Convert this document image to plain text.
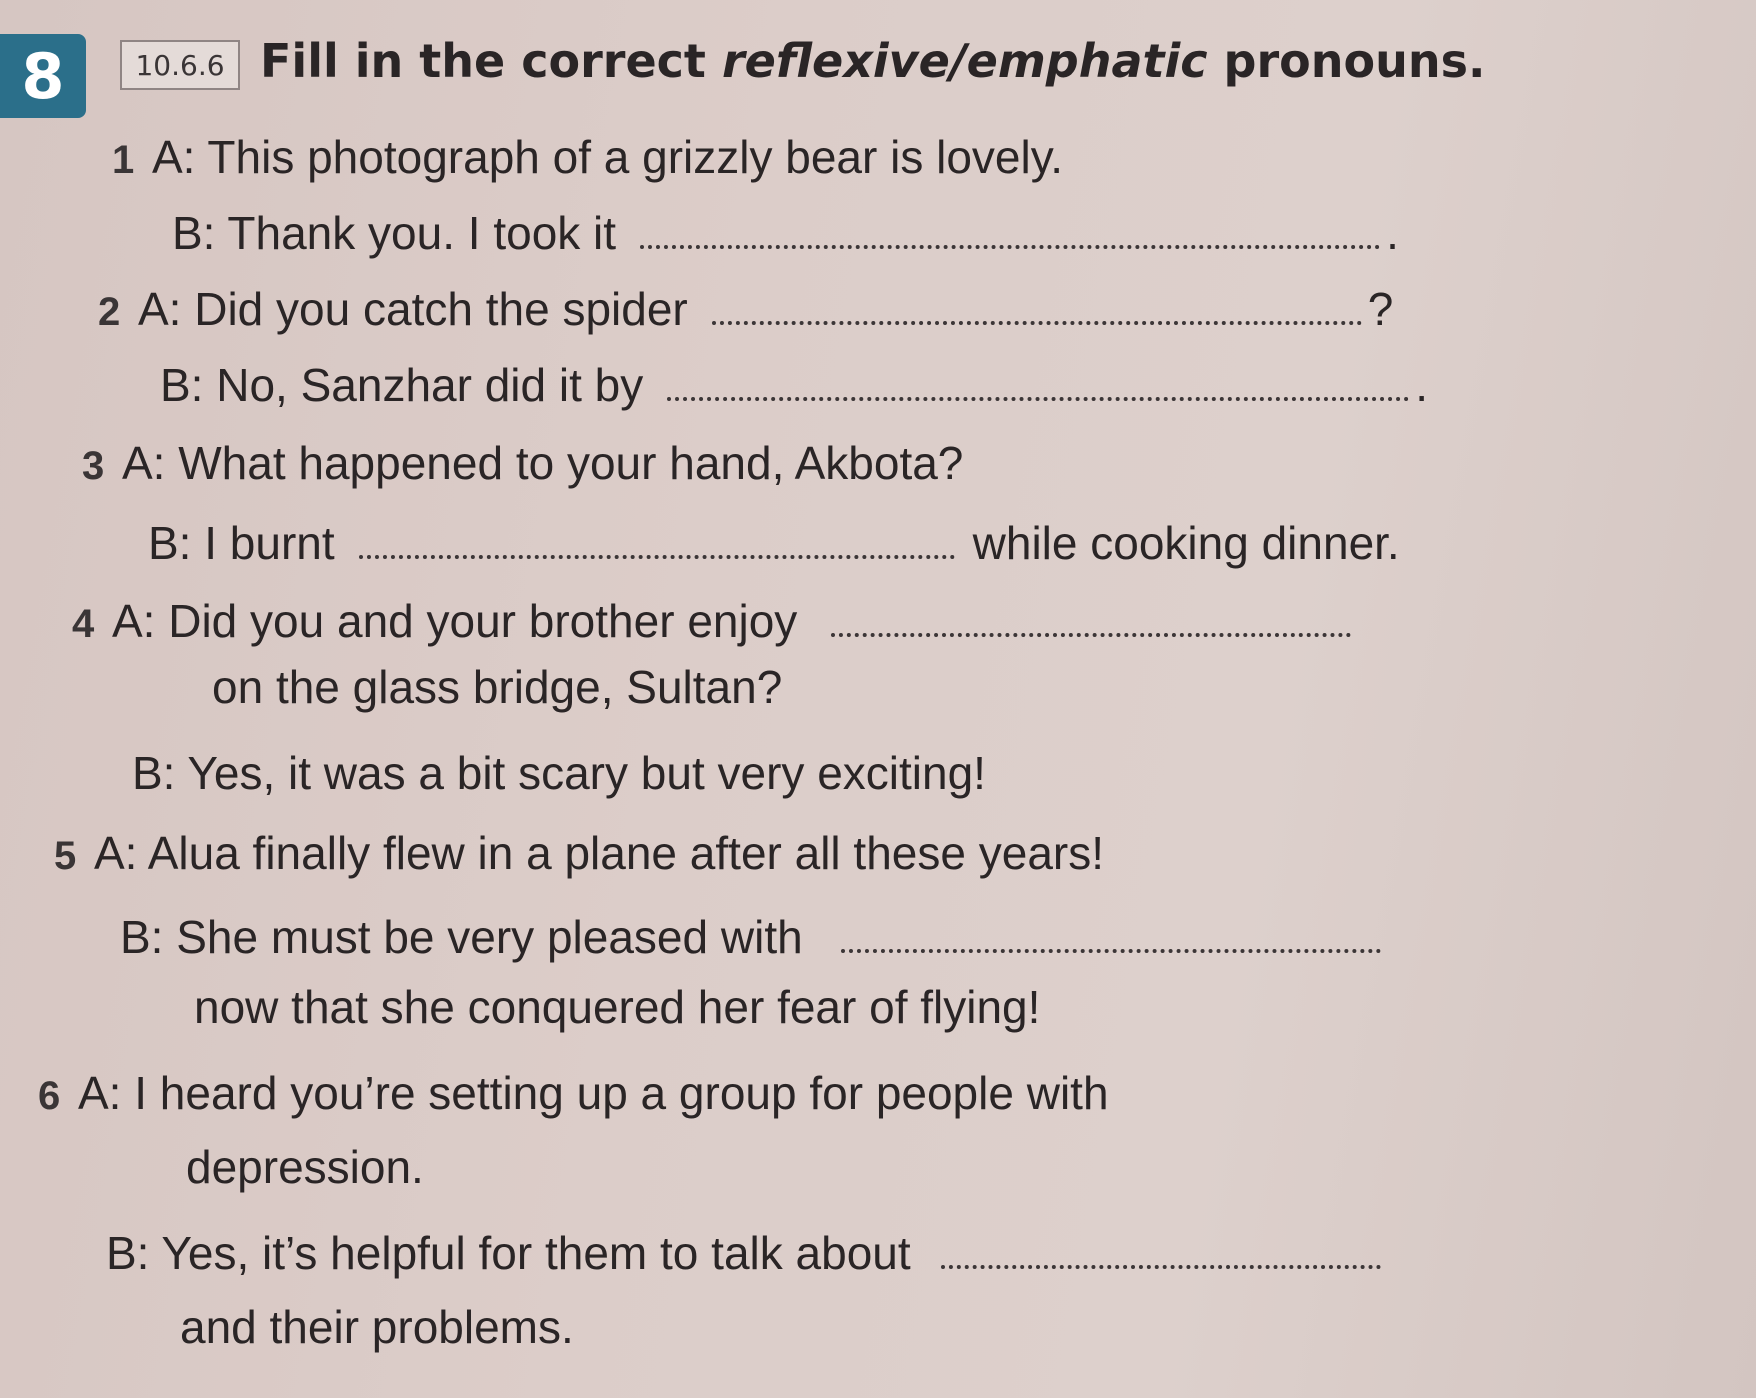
8	10.6.6 Fill in the correct reflexive/emphatic pronouns.
1 A: This photograph of a grizzly bear is lovely.
B: Thank you. I took it	.
2 A: Did you catch the spider	?
B: No, Sanzhar did it by	.
3 A: What happened to your hand, Akbota?
B: I burnt	while cooking dinner.
4 A: Did you and your brother enjoy
on the glass bridge, Sultan?
B: Yes, it was a bit scary but very exciting!
5 A: Alua finally flew in a plane after all these years!
B: She must be very pleased with
now that she conquered her fear of flying!
6 A: I heard you’re setting up a group for people with
depression.
B: Yes, it’s helpful for them to talk about
and their problems.
